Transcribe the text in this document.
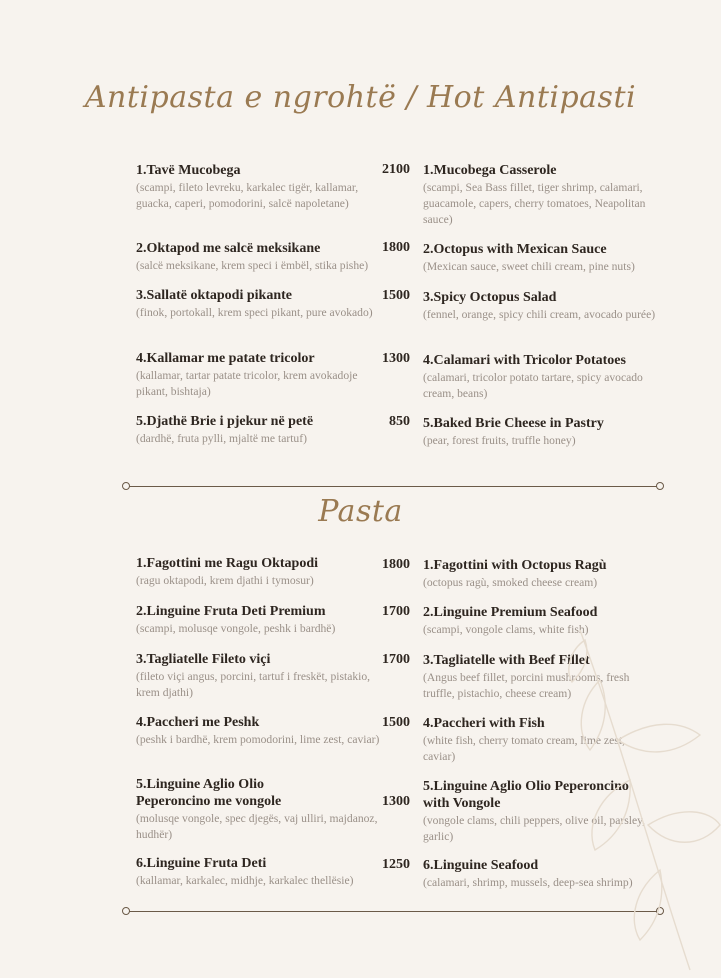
Antipasta e ngrohtë / Hot Antipasti
1.Tavë Mucobega
(scampi, fileto levreku, karkalec tigër, kallamar, guacka, caperi, pomodorini, salcë napoletane)
2100 1.Mucobega Casserole
(scampi, Sea Bass fillet, tiger shrimp, calamari, guacamole, capers, cherry tomatoes, Neapolitan sauce)
2.Oktapod me salcë meksikane
(salcë meksikane, krem speci i ëmbël, stika pishe)
1800 2.Octopus with Mexican Sauce
(Mexican sauce, sweet chili cream, pine nuts)
3.Sallatë oktapodi pikante
(finok, portokall, krem speci pikant, pure avokado)
1500 3.Spicy Octopus Salad
(fennel, orange, spicy chili cream, avocado purée)
4.Kallamar me patate tricolor
(kallamar, tartar patate tricolor, krem avokadoje pikant, bishtaja)
1300 4.Calamari with Tricolor Potatoes
(calamari, tricolor potato tartare, spicy avocado cream, beans)
5.Djathë Brie i pjekur në petë
(dardhë, fruta pylli, mjaltë me tartuf)
850 5.Baked Brie Cheese in Pastry
(pear, forest fruits, truffle honey)
Pasta
1.Fagottini me Ragu Oktapodi
(ragu oktapodi, krem djathi i tymosur)
1800 1.Fagottini with Octopus Ragù
(octopus ragù, smoked cheese cream)
2.Linguine Fruta Deti Premium
(scampi, molusqe vongole, peshk i bardhë)
1700 2.Linguine Premium Seafood
(scampi, vongole clams, white fish)
3.Tagliatelle Fileto viçi
(fileto viçi angus, porcini, tartuf i freskët, pistakio, krem djathi)
1700 3.Tagliatelle with Beef Fillet
(Angus beef fillet, porcini mushrooms, fresh truffle, pistachio, cheese cream)
4.Paccheri me Peshk
(peshk i bardhë, krem pomodorini, lime zest, caviar)
1500 4.Paccheri with Fish
(white fish, cherry tomato cream, lime zest, caviar)
5.Linguine Aglio Olio
Peperoncino me vongole
(molusqe vongole, spec djegës, vaj ulliri, majdanoz, hudhër)
1300
5.Linguine Aglio Olio Peperoncino
with Vongole
(vongole clams, chili peppers, olive oil, parsley, garlic)
6.Linguine Fruta Deti
(kallamar, karkalec, midhje, karkalec thellësie)
1250 6.Linguine Seafood
(calamari, shrimp, mussels, deep-sea shrimp)
